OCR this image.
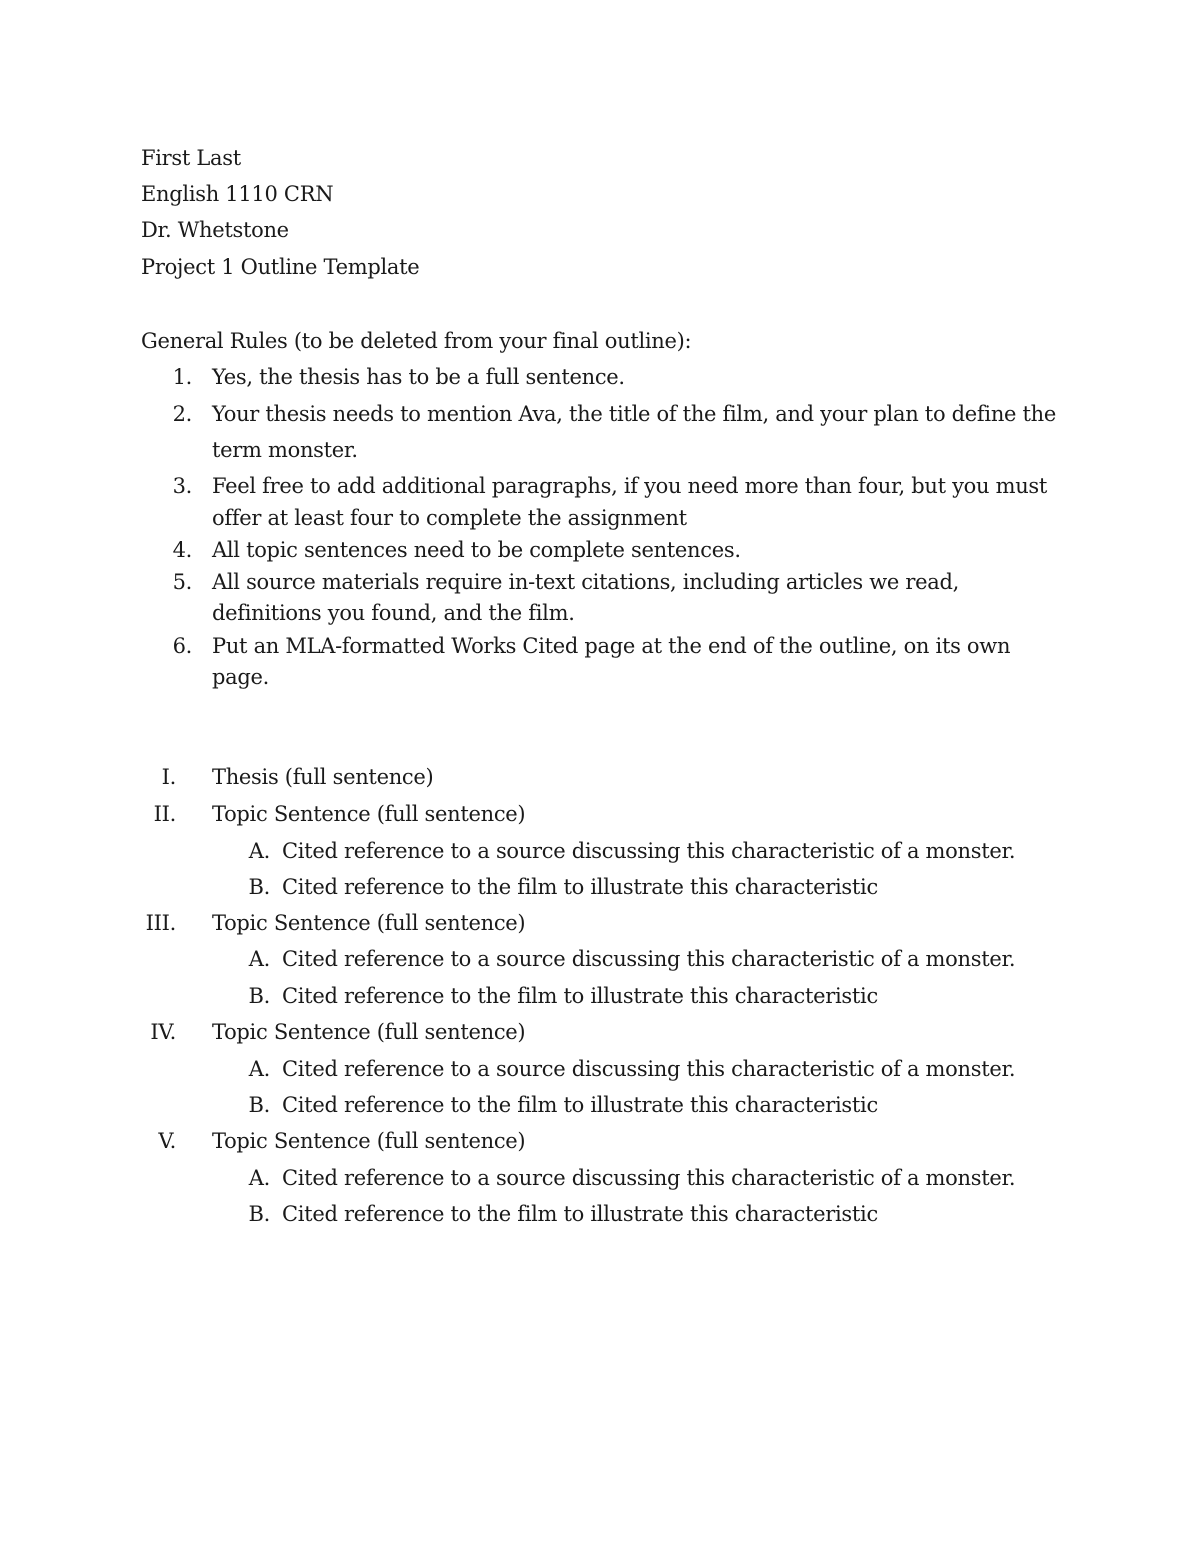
First Last
English 1110 CRN
Dr. Whetstone
Project 1 Outline Template
General Rules (to be deleted from your final outline):
1. Yes, the thesis has to be a full sentence.
2. Your thesis needs to mention Ava, the title of the film, and your plan to define the
term monster.
3. Feel free to add additional paragraphs, if you need more than four, but you must
offer at least four to complete the assignment
4. All topic sentences need to be complete sentences.
5. All source materials require in-text citations, including articles we read,
definitions you found, and the film.
6. Put an MLA-formatted Works Cited page at the end of the outline, on its own
page.
I. Thesis (full sentence)
II. Topic Sentence (full sentence)
A. Cited reference to a source discussing this characteristic of a monster.
B. Cited reference to the film to illustrate this characteristic
III. Topic Sentence (full sentence)
A. Cited reference to a source discussing this characteristic of a monster.
B. Cited reference to the film to illustrate this characteristic
IV. Topic Sentence (full sentence)
A. Cited reference to a source discussing this characteristic of a monster.
B. Cited reference to the film to illustrate this characteristic
V. Topic Sentence (full sentence)
A. Cited reference to a source discussing this characteristic of a monster.
B. Cited reference to the film to illustrate this characteristic
